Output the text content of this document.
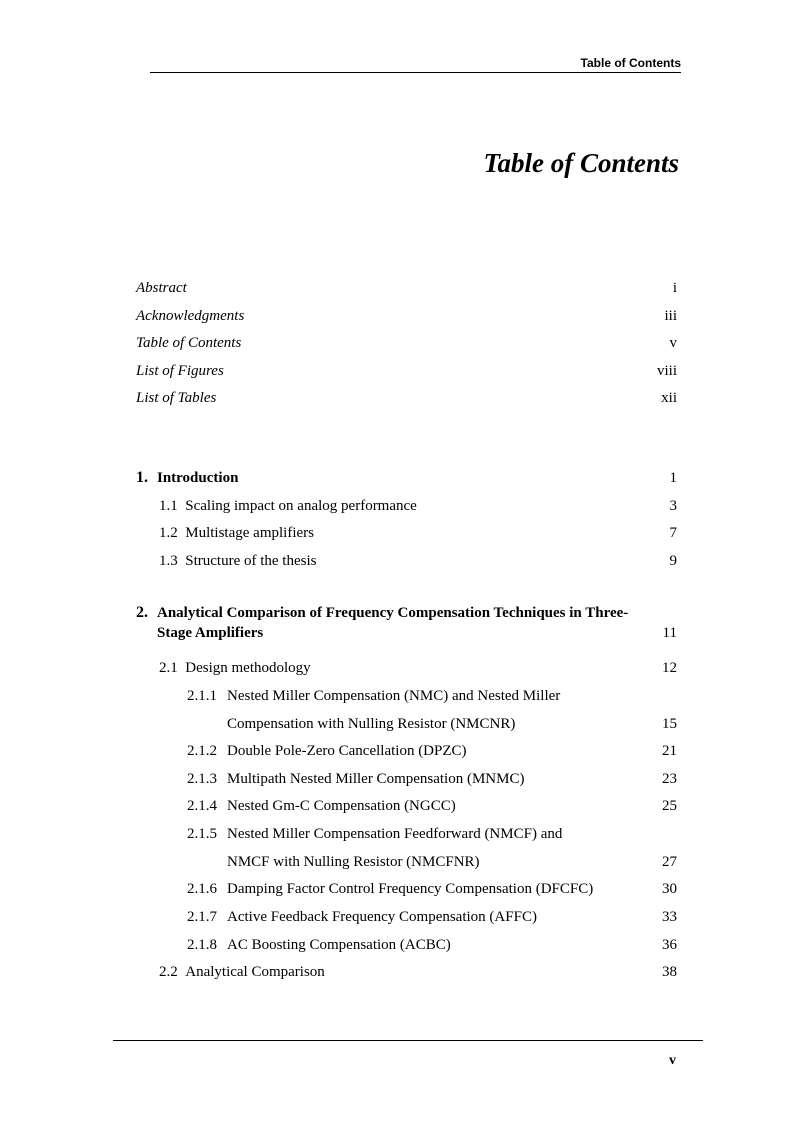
Table of Contents
Table of Contents
Abstract	i
Acknowledgments	iii
Table of Contents	v
List of Figures	viii
List of Tables	xii
1. Introduction	1
1.1 Scaling impact on analog performance	3
1.2 Multistage amplifiers	7
1.3 Structure of the thesis	9
2. Analytical Comparison of Frequency Compensation Techniques in Three-
Stage Amplifiers	11
2.1 Design methodology	12
2.1.1 Nested Miller Compensation (NMC) and Nested Miller
Compensation with Nulling Resistor (NMCNR)	15
2.1.2 Double Pole-Zero Cancellation (DPZC)	21
2.1.3 Multipath Nested Miller Compensation (MNMC)	23
2.1.4 Nested Gm-C Compensation (NGCC)	25
2.1.5 Nested Miller Compensation Feedforward (NMCF) and
NMCF with Nulling Resistor (NMCFNR)	27
2.1.6 Damping Factor Control Frequency Compensation (DFCFC)	30
2.1.7 Active Feedback Frequency Compensation (AFFC)	33
2.1.8 AC Boosting Compensation (ACBC)	36
2.2 Analytical Comparison	38
v
